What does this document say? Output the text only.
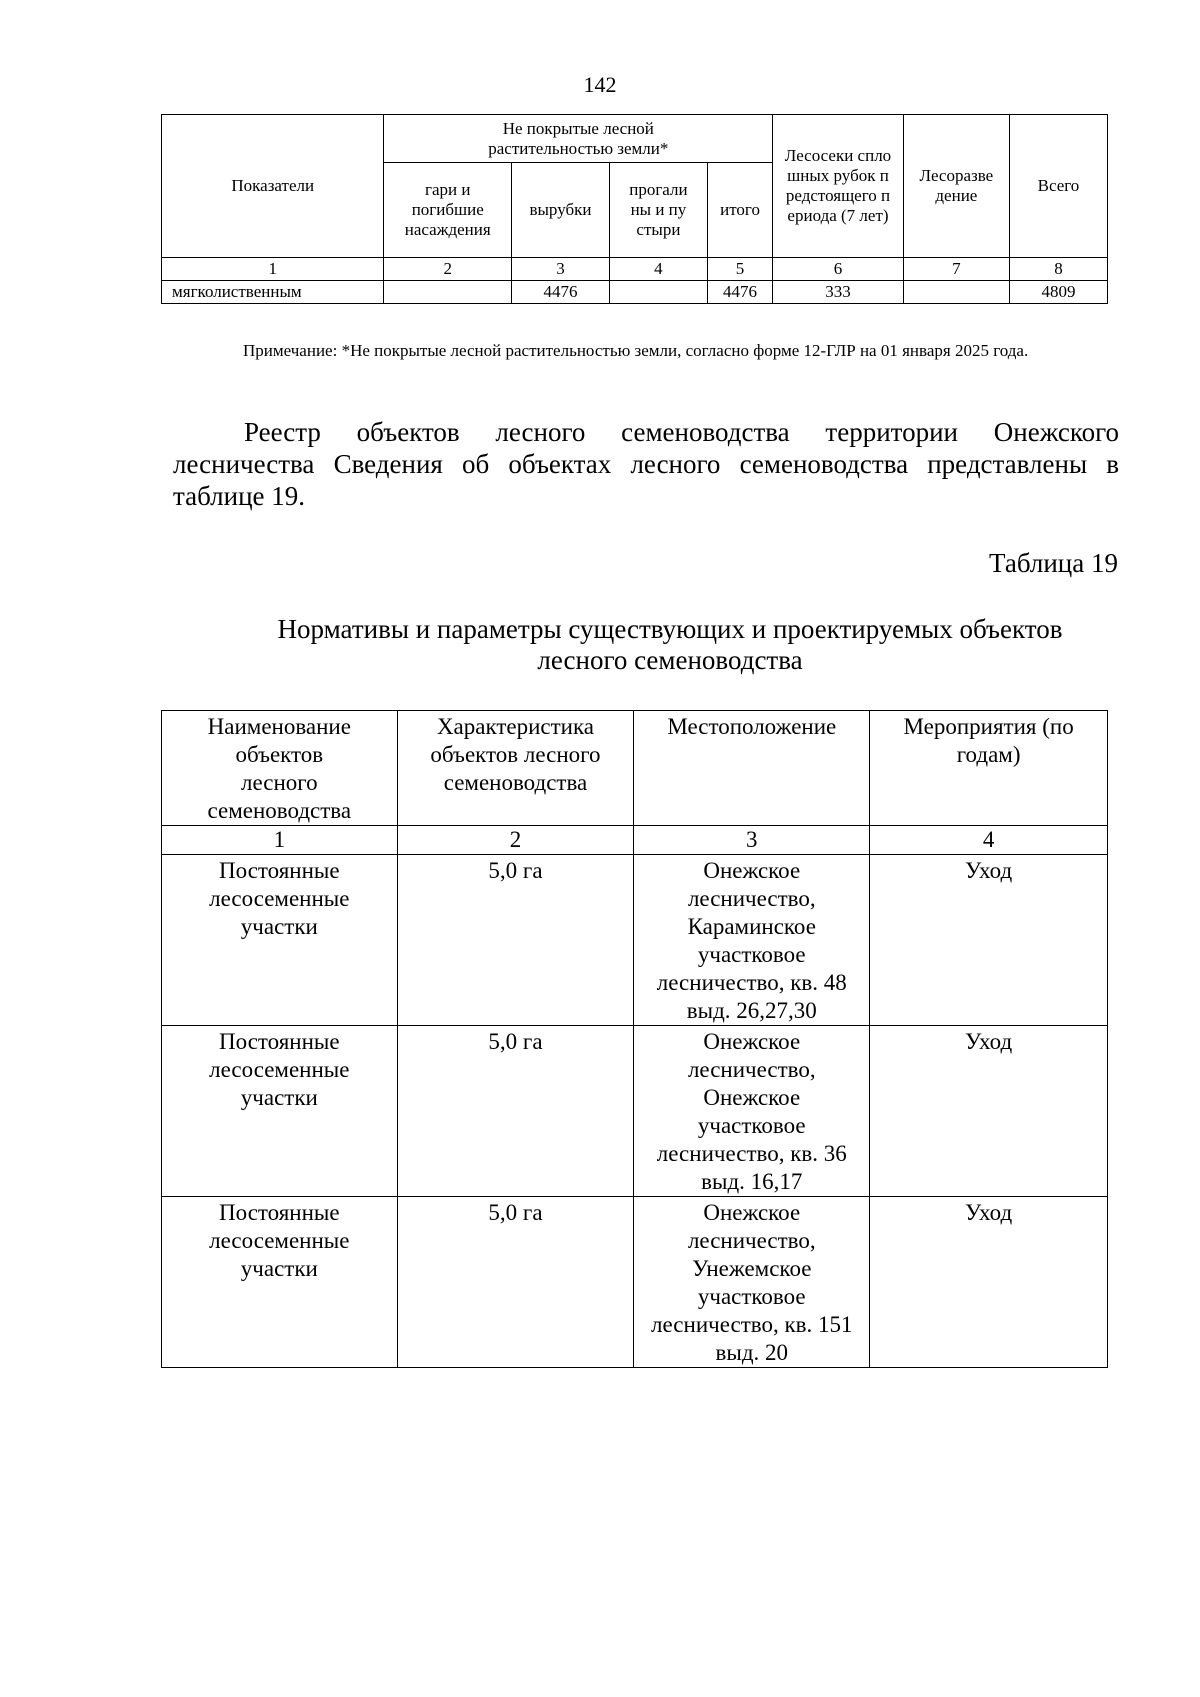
142
Показатели	Не покрытые лесной растительностью земли*				Лесосеки сплошных рубок предстоящего периода (7 лет)	Лесоразведение	Всего

	гари и погибшие насаждения	вырубки	прогалины и пустыри	итого			
1	2	3	4	5	6	7	8
мягколиственным		4476		4476	333		4809
Примечание: *Не покрытые лесной растительностью земли, согласно форме 12-ГЛР на 01 января 2025 года.
Реестр объектов лесного семеноводства территории Онежского лесничества Сведения об объектах лесного семеноводства представлены в таблице 19.
Таблица 19
Нормативы и параметры существующих и проектируемых объектов
лесного семеноводства
Наименование объектов лесного семеноводства	Характеристика объектов лесного семеноводства	Местоположение	Мероприятия (по годам)

1	2	3	4

Постоянные лесосеменные участки	5,0 га	Онежское лесничество, Караминское участковое лесничество, кв. 48 выд. 26,27,30	Уход

Постоянные лесосеменные участки	5,0 га	Онежское лесничество, Онежское участковое лесничество, кв. 36 выд. 16,17	Уход

Постоянные лесосеменные участки	5,0 га	Онежское лесничество, Унежемское участковое лесничество, кв. 151 выд. 20	Уход
